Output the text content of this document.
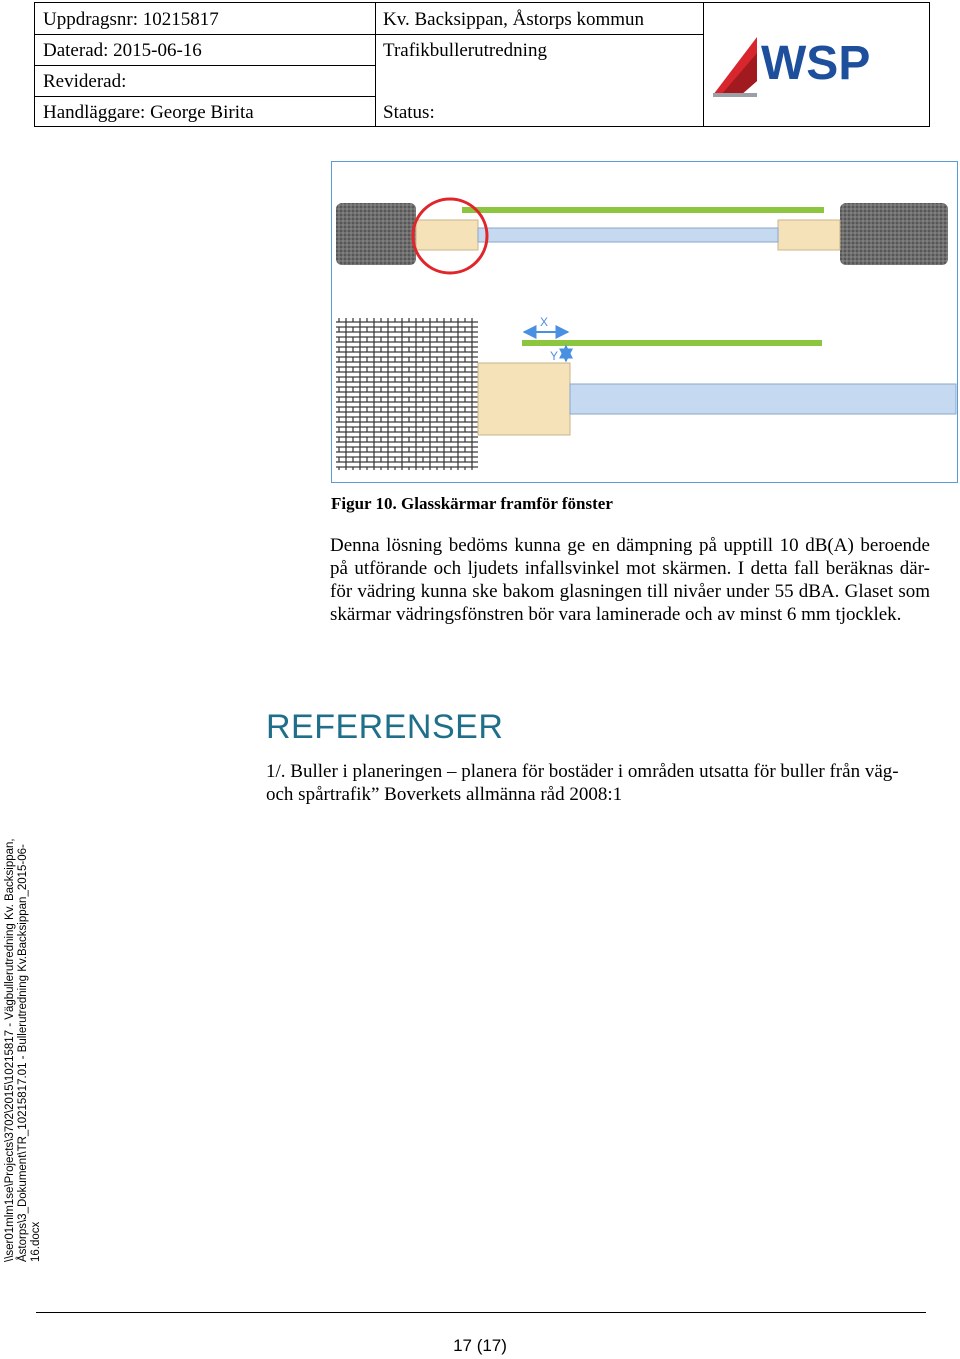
Uppdragsnr: 10215817
Daterad: 2015-06-16
Reviderad:
Handläggare: George Birita
Kv. Backsippan, Åstorps kommun
Trafikbullerutredning
Status:
WSP
X
Y
Figur 10. Glasskärmar framför fönster
Denna lösning bedöms kunna ge en dämpning på upptill 10 dB(A) beroende på utförande och ljudets infallsvinkel mot skärmen. I detta fall beräknas där-för vädring kunna ske bakom glasningen till nivåer under 55 dBA. Glaset som skärmar vädringsfönstren bör vara laminerade och av minst 6 mm tjocklek.
REFERENSER
1/. Buller i planeringen – planera för bostäder i områden utsatta för buller från väg- och spårtrafik” Boverkets allmänna råd 2008:1
\\ser01mlm1se\Projects\3702\2015\10215817 - Vägbullerutredning Kv. Backsippan, Åstorps\3_Dokument\TR_10215817.01 - Bullerutredning Kv.Backsippan_2015-06-16.docx
17 (17)
